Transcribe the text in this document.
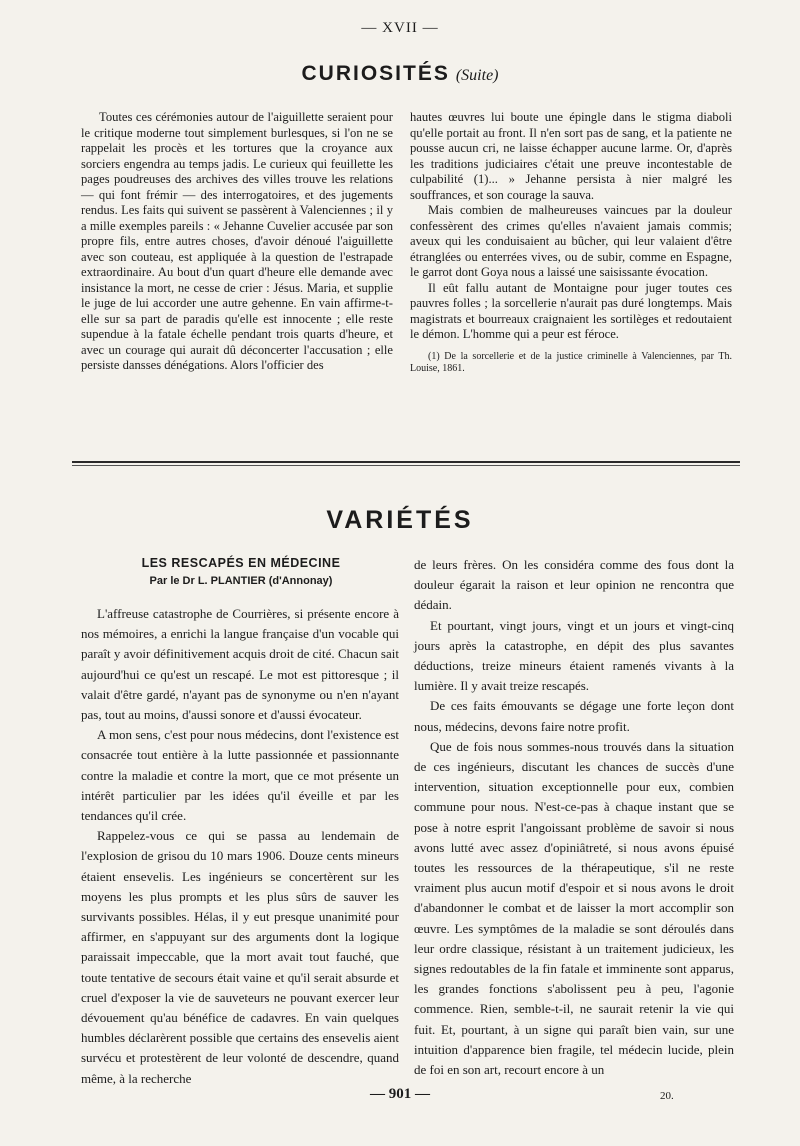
— XVII —
CURIOSITÉS (Suite)

Toutes ces cérémonies autour de l'aiguillette seraient pour le critique moderne tout simplement burlesques, si l'on ne se rappelait les procès et les tortures que la croyance aux sorciers engendra au temps jadis. Le curieux qui feuillette les pages poudreuses des archives des villes trouve les relations — qui font frémir — des interrogatoires, et des jugements rendus. Les faits qui suivent se passèrent à Valenciennes ; il y a mille exemples pareils : « Jehanne Cuvelier accusée par son propre fils, entre autres choses, d'avoir dénoué l'aiguillette avec son couteau, est appliquée à la question de l'estrapade extraordinaire. Au bout d'un quart d'heure elle demande avec insistance la mort, ne cesse de crier : Jésus. Maria, et supplie le juge de lui accorder une autre gehenne. En vain affirme-t-elle sur sa part de paradis qu'elle est innocente ; elle reste supendue à la fatale échelle pendant trois quarts d'heure, et avec un courage qui aurait dû déconcerter l'accusation ; elle persiste dansses dénégations. Alors l'officier des

hautes œuvres lui boute une épingle dans le stigma diaboli qu'elle portait au front. Il n'en sort pas de sang, et la patiente ne pousse aucun cri, ne laisse échapper aucune larme. Or, d'après les traditions judiciaires c'était une preuve incontestable de culpabilité (1)... » Jehanne persista à nier malgré les souffrances, et son courage la sauva.

Mais combien de malheureuses vaincues par la douleur confessèrent des crimes qu'elles n'avaient jamais commis; aveux qui les conduisaient au bûcher, qui leur valaient d'être étranglées ou enterrées vives, ou de subir, comme en Espagne, le garrot dont Goya nous a laissé une saisissante évocation.

Il eût fallu autant de Montaigne pour juger toutes ces pauvres folles ; la sorcellerie n'aurait pas duré longtemps. Mais magistrats et bourreaux craignaient les sortilèges et redoutaient le démon. L'homme qui a peur est féroce.

(1) De la sorcellerie et de la justice criminelle à Valenciennes, par Th. Louise, 1861.

VARIÉTÉS
LES RESCAPÉS EN MÉDECINE
Par le Dr L. PLANTIER (d'Annonay)

L'affreuse catastrophe de Courrières, si présente encore à nos mémoires, a enrichi la langue française d'un vocable qui paraît y avoir définitivement acquis droit de cité. Chacun sait aujourd'hui ce qu'est un rescapé. Le mot est pittoresque ; il valait d'être gardé, n'ayant pas de synonyme ou n'en n'ayant pas, tout au moins, d'aussi sonore et d'aussi évocateur.

A mon sens, c'est pour nous médecins, dont l'existence est consacrée tout entière à la lutte passionnée et passionnante contre la maladie et contre la mort, que ce mot présente un intérêt particulier par les idées qu'il éveille et par les tendances qu'il crée.

Rappelez-vous ce qui se passa au lendemain de l'explosion de grisou du 10 mars 1906. Douze cents mineurs étaient ensevelis. Les ingénieurs se concertèrent sur les moyens les plus prompts et les plus sûrs de sauver les survivants possibles. Hélas, il y eut presque unanimité pour affirmer, en s'appuyant sur des arguments dont la logique paraissait impeccable, que la mort avait tout fauché, que toute tentative de secours était vaine et qu'il serait absurde et cruel d'exposer la vie de sauveteurs ne pouvant exercer leur dévouement qu'au bénéfice de cadavres. En vain quelques humbles déclarèrent possible que certains des ensevelis aient survécu et protestèrent de leur volonté de descendre, quand même, à la recherche

de leurs frères. On les considéra comme des fous dont la douleur égarait la raison et leur opinion ne rencontra que dédain.

Et pourtant, vingt jours, vingt et un jours et vingt-cinq jours après la catastrophe, en dépit des plus savantes déductions, treize mineurs étaient ramenés vivants à la lumière. Il y avait treize rescapés.

De ces faits émouvants se dégage une forte leçon dont nous, médecins, devons faire notre profit.

Que de fois nous sommes-nous trouvés dans la situation de ces ingénieurs, discutant les chances de succès d'une intervention, situation exceptionnelle pour eux, combien commune pour nous. N'est-ce-pas à chaque instant que se pose à notre esprit l'angoissant problème de savoir si nous avons lutté avec assez d'opiniâtreté, si nous avons épuisé toutes les ressources de la thérapeutique, s'il ne reste vraiment plus aucun motif d'espoir et si nous avons le droit d'abandonner le combat et de laisser la mort accomplir son œuvre. Les symptômes de la maladie se sont déroulés dans leur ordre classique, résistant à un traitement judicieux, les signes redoutables de la fin fatale et imminente sont apparus, les grandes fonctions s'abolissent peu à peu, l'agonie commence. Rien, semble-t-il, ne saurait retenir la vie qui fuit. Et, pourtant, à un signe qui paraît bien vain, sur une intuition d'apparence bien fragile, tel médecin lucide, plein de foi en son art, recourt encore à un

— 901 —	20.
